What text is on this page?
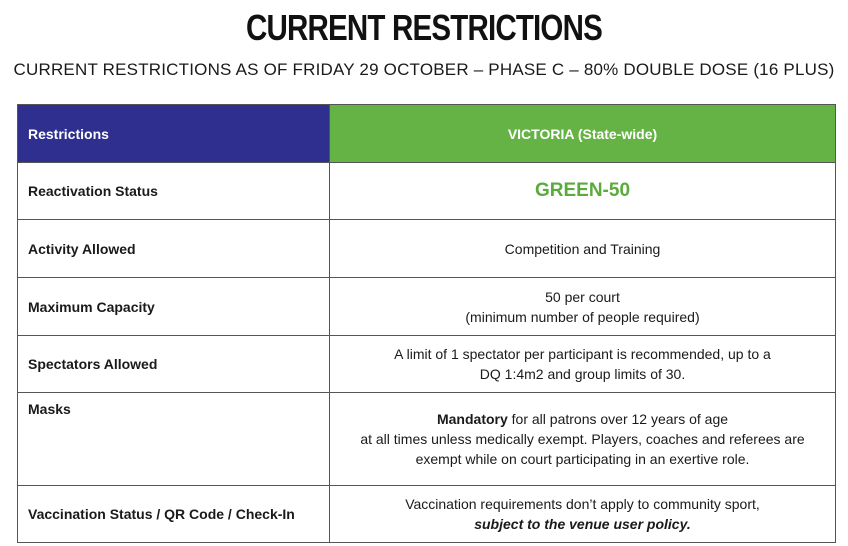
CURRENT RESTRICTIONS
CURRENT RESTRICTIONS AS OF FRIDAY 29 OCTOBER – PHASE C – 80% DOUBLE DOSE (16 PLUS)
Restrictions	VICTORIA (State-wide)
Reactivation Status	GREEN-50
Activity Allowed	Competition and Training
Maximum Capacity	50 per court
(minimum number of people required)

Spectators Allowed	A limit of 1 spectator per participant is recommended, up to a
DQ 1:4m2 and group limits of 30.

Masks	Mandatory for all patrons over 12 years of age
at all times unless medically exempt. Players, coaches and referees are
exempt while on court participating in an exertive role.

Vaccination Status / QR Code / Check-In	Vaccination requirements don’t apply to community sport,
subject to the venue user policy.
